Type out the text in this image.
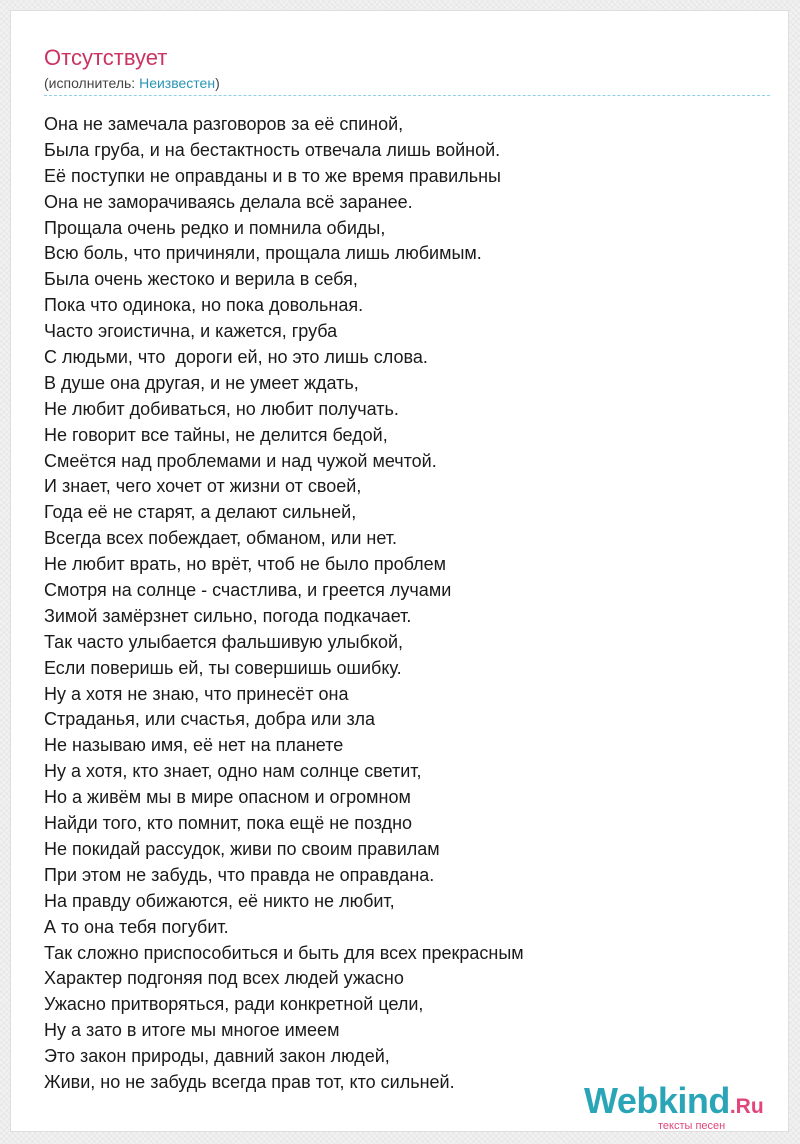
Отсутствует
(исполнитель: Неизвестен)
Она не замечала разговоров за её спиной,
Была груба, и на бестактность отвечала лишь войной.
Её поступки не оправданы и в то же время правильны
Она не заморачиваясь делала всё заранее.
Прощала очень редко и помнила обиды,
Всю боль, что причиняли, прощала лишь любимым.
Была очень жестоко и верила в себя,
Пока что одинока, но пока довольная.
Часто эгоистична, и кажется, груба
С людьми, что  дороги ей, но это лишь слова.
В душе она другая, и не умеет ждать,
Не любит добиваться, но любит получать.
Не говорит все тайны, не делится бедой,
Смеётся над проблемами и над чужой мечтой.
И знает, чего хочет от жизни от своей,
Года её не старят, а делают сильней,
Всегда всех побеждает, обманом, или нет.
Не любит врать, но врёт, чтоб не было проблем
Смотря на солнце - счастлива, и греется лучами
Зимой замёрзнет сильно, погода подкачает.
Так часто улыбается фальшивую улыбкой,
Если поверишь ей, ты совершишь ошибку.
Ну а хотя не знаю, что принесёт она
Страданья, или счастья, добра или зла
Не называю имя, её нет на планете
Ну а хотя, кто знает, одно нам солнце светит,
Но а живём мы в мире опасном и огромном
Найди того, кто помнит, пока ещё не поздно
Не покидай рассудок, живи по своим правилам
При этом не забудь, что правда не оправдана.
На правду обижаются, её никто не любит,
А то она тебя погубит.
Так сложно приспособиться и быть для всех прекрасным
Характер подгоняя под всех людей ужасно
Ужасно притворяться, ради конкретной цели,
Ну а зато в итоге мы многое имеем
Это закон природы, давний закон людей,
Живи, но не забудь всегда прав тот, кто сильней.	Webkind.Ru
тексты песен
